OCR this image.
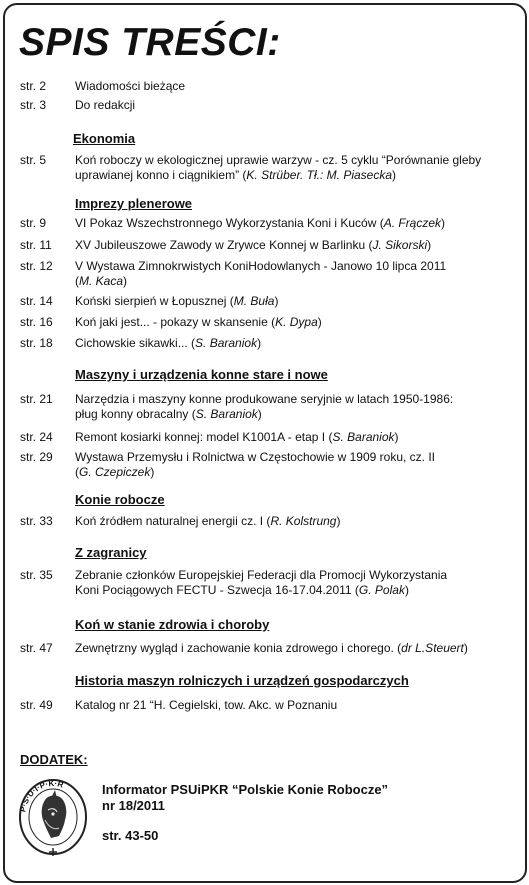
SPIS TREŚCI:
str. 2	Wiadomości bieżące
str. 3	Do redakcji
Ekonomia
str. 5	Koń roboczy w ekologicznej uprawie warzyw - cz. 5 cyklu “Porównanie gleby
uprawianej konno i ciągnikiem” (K. Strüber. Tł.: M. Piasecka)
Imprezy plenerowe
str. 9	VI Pokaz Wszechstronnego Wykorzystania Koni i Kuców (A. Frączek)
str. 11	XV Jubileuszowe Zawody w Zrywce Konnej w Barlinku (J. Sikorski)
str. 12	V Wystawa Zimnokrwistych KoniHodowlanych - Janowo 10 lipca 2011
(M. Kaca)
str. 14	Koński sierpień w Łopusznej (M. Buła)
str. 16	Koń jaki jest... - pokazy w skansenie (K. Dypa)
str. 18	Cichowskie sikawki... (S. Baraniok)
Maszyny i urządzenia konne stare i nowe
str. 21	Narzędzia i maszyny konne produkowane seryjnie w latach 1950-1986:
pług konny obracalny (S. Baraniok)
str. 24	Remont kosiarki konnej: model K1001A - etap I (S. Baraniok)
str. 29	Wystawa Przemysłu i Rolnictwa w Częstochowie w 1909 roku, cz. II
(G. Czepiczek)
Konie robocze
str. 33	Koń źródłem naturalnej energii cz. I (R. Kolstrung)
Z zagranicy
str. 35	Zebranie członków Europejskiej Federacji dla Promocji Wykorzystania
Koni Pociągowych FECTU - Szwecja 16-17.04.2011 (G. Polak)
Koń w stanie zdrowia i choroby
str. 47	Zewnętrzny wygląd i zachowanie konia zdrowego i chorego. (dr L.Steuert)
Historia maszyn rolniczych i urządzeń gospodarczych
str. 49	Katalog nr 21 “H. Cegielski, tow. Akc. w Poznaniu
DODATEK:
P·S·U·I·P·K·R	Informator PSUiPKR “Polskie Konie Robocze”
nr 18/2011
str. 43-50
